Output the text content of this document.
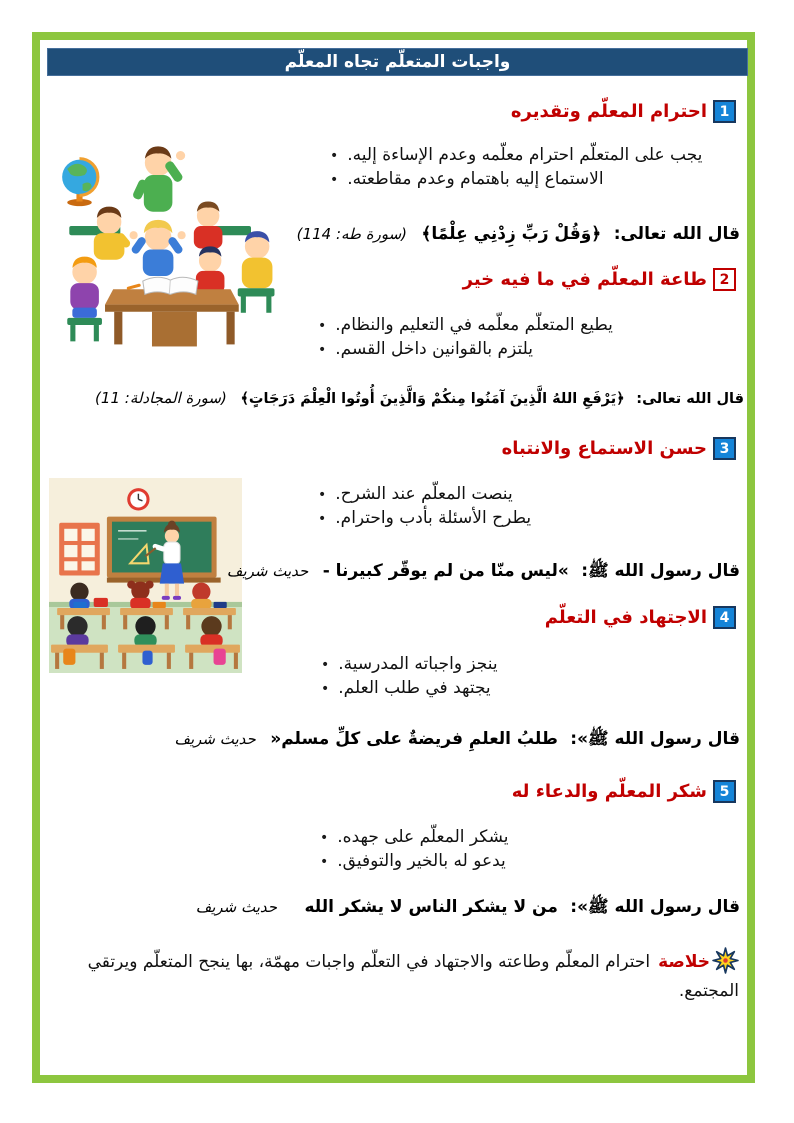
واجبات المتعلّم تجاه المعلّم
1
احترام المعلّم وتقديره
• يجب على المتعلّم احترام معلّمه وعدم الإساءة إليه.
• الاستماع إليه باهتمام وعدم مقاطعته.
قال الله تعالى: ﴿وَقُلْ رَبِّ زِدْنِي عِلْمًا﴾ (سورة طه: 114)
2
طاعة المعلّم في ما فيه خير
• يطيع المتعلّم معلّمه في التعليم والنظام.
• يلتزم بالقوانين داخل القسم.
قال الله تعالى: ﴿يَرْفَعِ اللهُ الَّذِينَ آمَنُوا مِنكُمْ وَالَّذِينَ أُوتُوا الْعِلْمَ دَرَجَاتٍ﴾ (سورة المجادلة: 11)
3
حسن الاستماع والانتباه
• ينصت المعلّم عند الشرح.
• يطرح الأسئلة بأدب واحترام.
قال رسول الله ﷺ: »ليس منّا من لم يوقّر كبيرنا - حديث شريف
4
الاجتهاد في التعلّم
• ينجز واجباته المدرسية.
• يجتهد في طلب العلم.
قال رسول الله ﷺ»: طلبُ العلمِ فريضةٌ على كلِّ مسلم« حديث شريف
5
شكر المعلّم والدعاء له
• يشكر المعلّم على جهده.
• يدعو له بالخير والتوفيق.
قال رسول الله ﷺ»: من لا يشكر الناس لا يشكر الله حديث شريف
خلاصةاحترام المعلّم وطاعته والاجتهاد في التعلّم واجبات مهمّة، بها ينجح المتعلّم ويرتقي المجتمع.
